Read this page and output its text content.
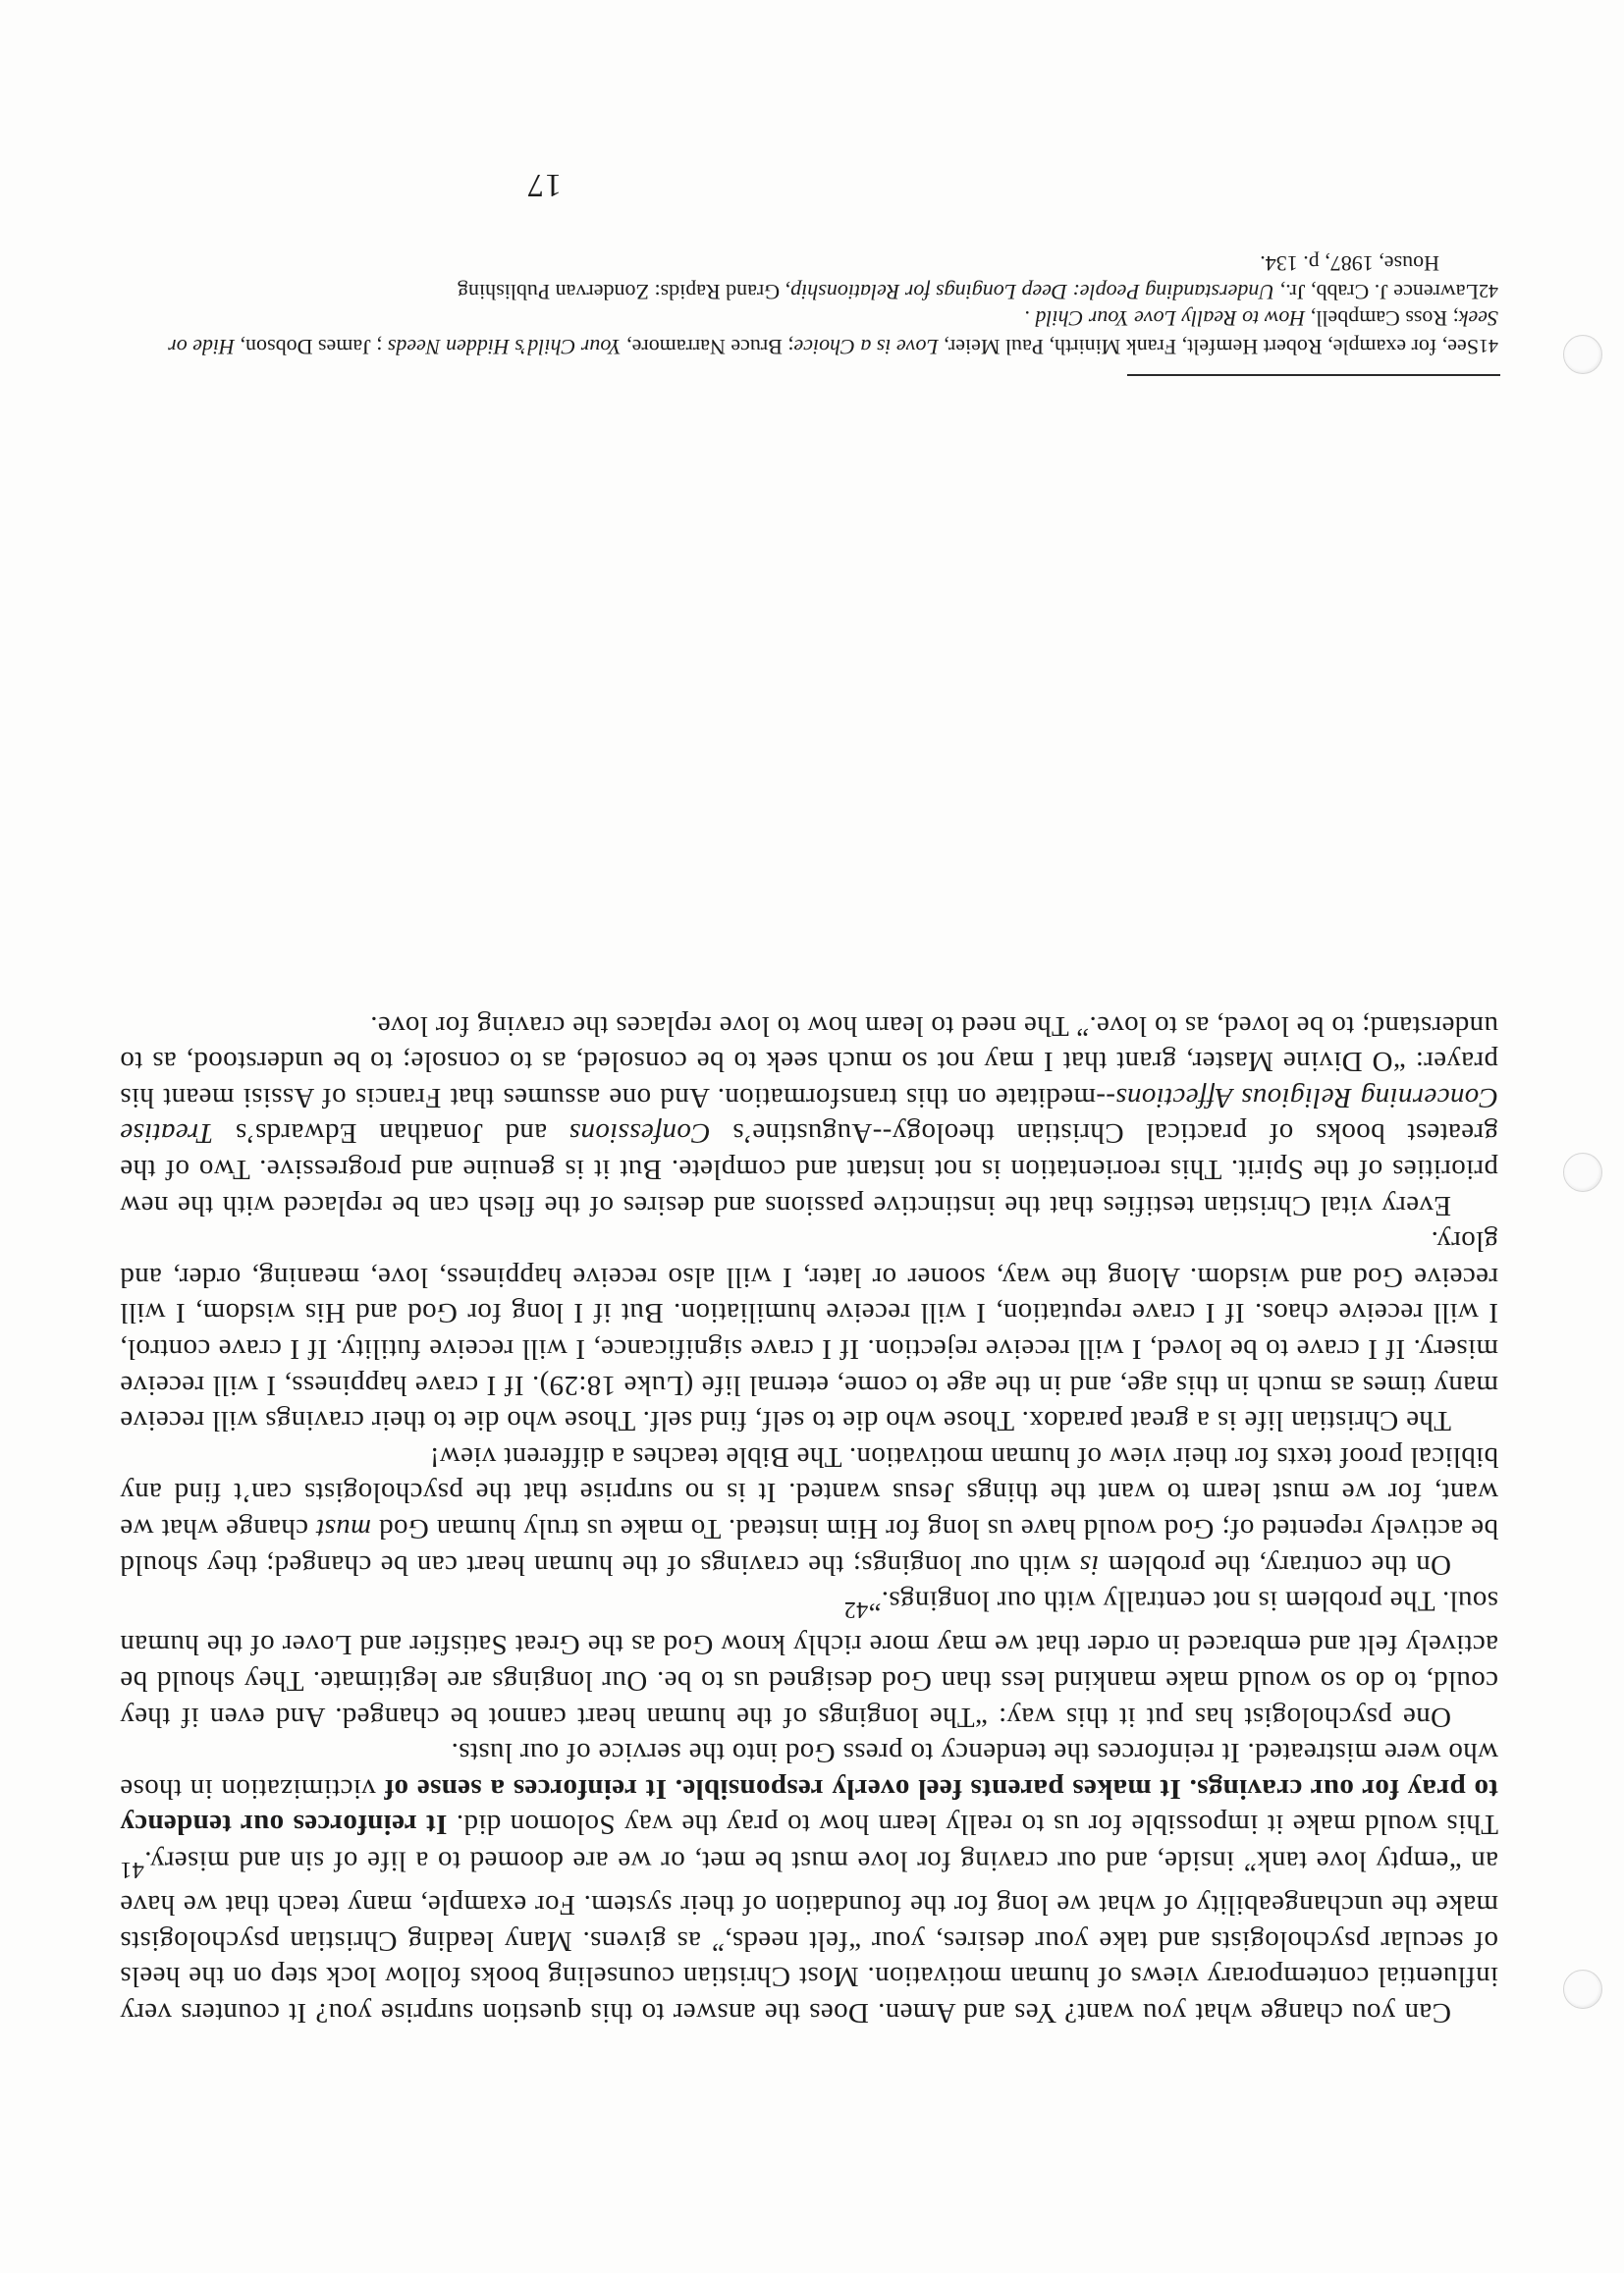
Can you change what you want? Yes and Amen. Does the answer to this question surprise you? It counters very influential contemporary views of human motivation. Most Christian counseling books follow lock step on the heels of secular psychologists and take your desires, your “felt needs,” as givens. Many leading Christian psychologists make the unchangeability of what we long for the foundation of their system. For example, many teach that we have an “empty love tank” inside, and our craving for love must be met, or we are doomed to a life of sin and misery.$^{41}$ This would make it impossible for us to really learn how to pray the way Solomon did. It reinforces our tendency to pray for our cravings. It makes parents feel overly responsible. It reinforces a sense of victimization in those who were mistreated. It reinforces the tendency to press God into the service of our lusts.

One psychologist has put it this way: “The longings of the human heart cannot be changed. And even if they could, to do so would make mankind less than God designed us to be. Our longings are legitimate. They should be actively felt and embraced in order that we may more richly know God as the Great Satisfier and Lover of the human soul. The problem is not centrally with our longings.”$^{42}$

On the contrary, the problem is with our longings; the cravings of the human heart can be changed; they should be actively repented of; God would have us long for Him instead. To make us truly human God must change what we want, for we must learn to want the things Jesus wanted. It is no surprise that the psychologists can’t find any biblical proof texts for their view of human motivation. The Bible teaches a different view!

The Christian life is a great paradox. Those who die to self, find self. Those who die to their cravings will receive many times as much in this age, and in the age to come, eternal life (Luke 18:29). If I crave happiness, I will receive misery. If I crave to be loved, I will receive rejection. If I crave significance, I will receive futility. If I crave control, I will receive chaos. If I crave reputation, I will receive humiliation. But if I long for God and His wisdom, I will receive God and wisdom. Along the way, sooner or later, I will also receive happiness, love, meaning, order, and glory.

Every vital Christian testifies that the instinctive passions and desires of the flesh can be replaced with the new priorities of the Spirit. This reorientation is not instant and complete. But it is genuine and progressive. Two of the greatest books of practical Christian theology--Augustine’s Confessions and Jonathan Edwards’s Treatise Concerning Religious Affections--meditate on this transformation. And one assumes that Francis of Assisi meant his prayer: “O Divine Master, grant that I may not so much seek to be consoled, as to console; to be understood, as to understand; to be loved, as to love.” The need to learn how to love replaces the craving for love.

41See, for example, Robert Hemfelt, Frank Minirth, Paul Meier, Love is a Choice; Bruce Narramore, Your Child’s Hidden Needs ; James Dobson, Hide or Seek; Ross Campbell, How to Really Love Your Child .

42Lawrence J. Crabb, Jr., Understanding People: Deep Longings for Relationship, Grand Rapids: Zondervan Publishing

House, 1987, p. 134.

17
